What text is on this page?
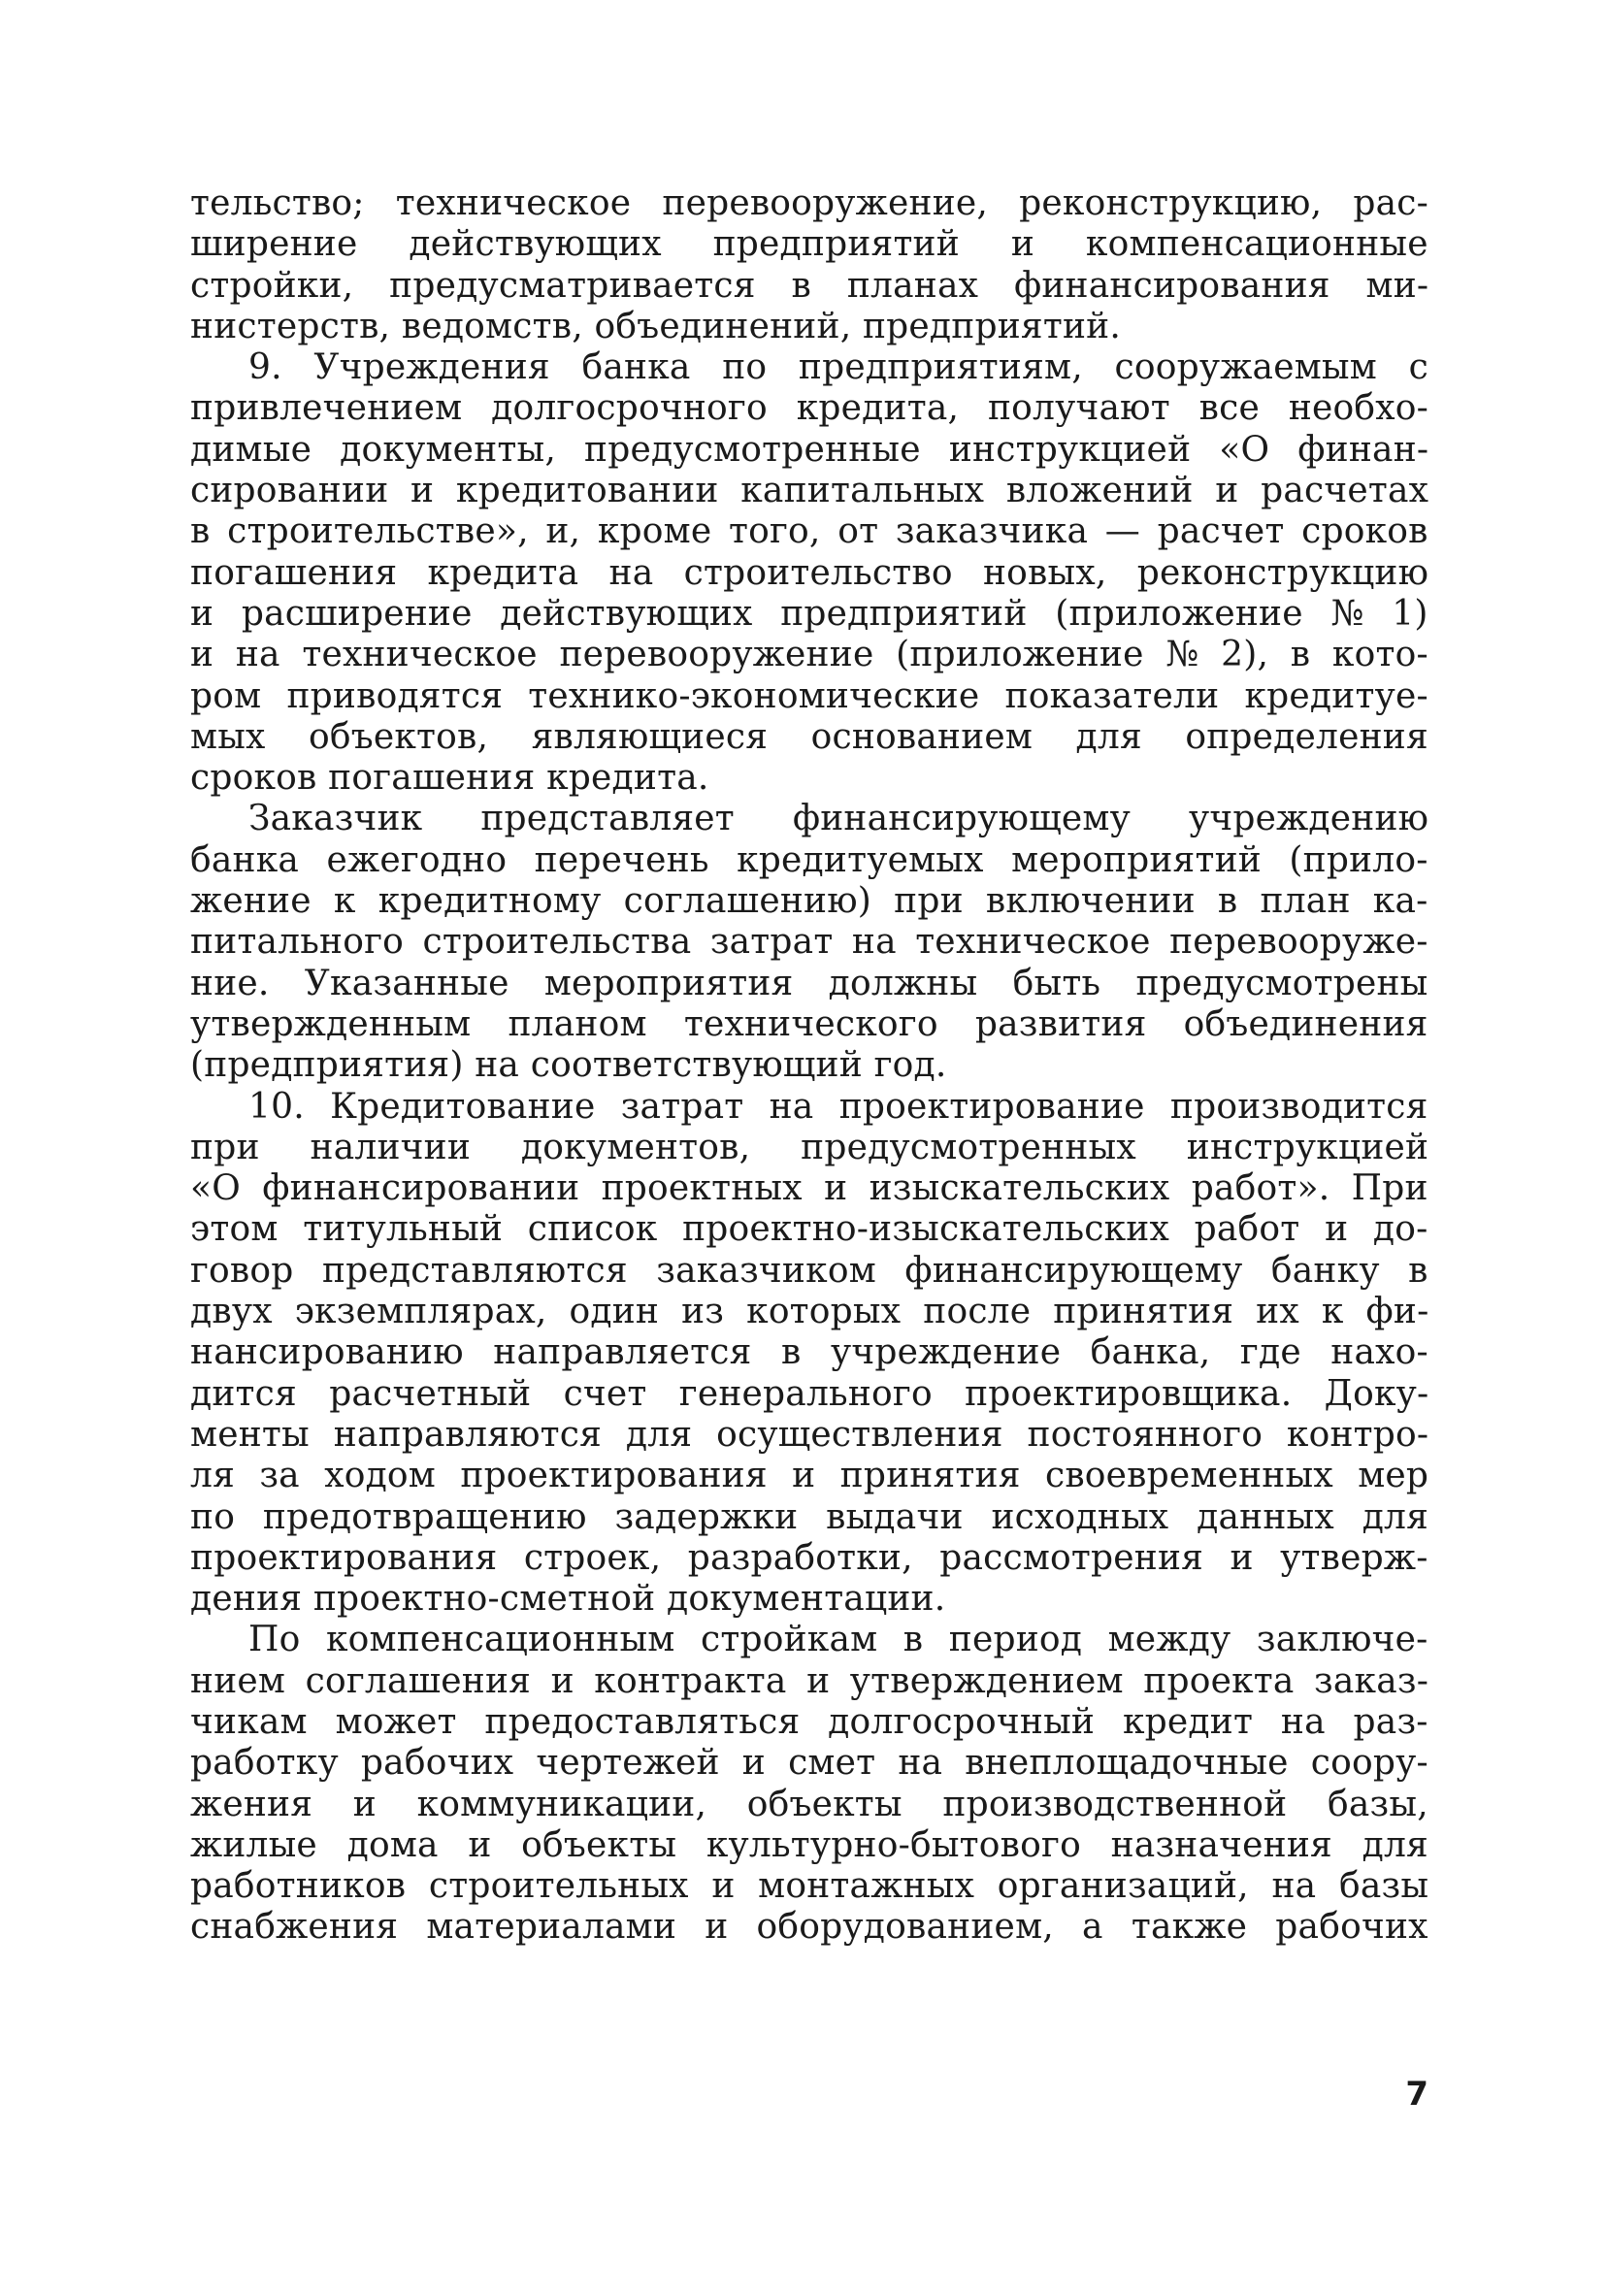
тельство; техническое перевооружение, реконструкцию, рас-
ширение действующих предприятий и компенсационные
стройки, предусматривается в планах финансирования ми-
нистерств, ведомств, объединений, предприятий.
9. Учреждения банка по предприятиям, сооружаемым с
привлечением долгосрочного кредита, получают все необхо-
димые документы, предусмотренные инструкцией «О финан-
сировании и кредитовании капитальных вложений и расчетах
в строительстве», и, кроме того, от заказчика — расчет сроков
погашения кредита на строительство новых, реконструкцию
и расширение действующих предприятий (приложение № 1)
и на техническое перевооружение (приложение № 2), в кото-
ром приводятся технико-экономические показатели кредитуе-
мых объектов, являющиеся основанием для определения
сроков погашения кредита.
Заказчик представляет финансирующему учреждению
банка ежегодно перечень кредитуемых мероприятий (прило-
жение к кредитному соглашению) при включении в план ка-
питального строительства затрат на техническое перевооруже-
ние. Указанные мероприятия должны быть предусмотрены
утвержденным планом технического развития объединения
(предприятия) на соответствующий год.
10. Кредитование затрат на проектирование производится
при наличии документов, предусмотренных инструкцией
«О финансировании проектных и изыскательских работ». При
этом титульный список проектно-изыскательских работ и до-
говор представляются заказчиком финансирующему банку в
двух экземплярах, один из которых после принятия их к фи-
нансированию направляется в учреждение банка, где нахо-
дится расчетный счет генерального проектировщика. Доку-
менты направляются для осуществления постоянного контро-
ля за ходом проектирования и принятия своевременных мер
по предотвращению задержки выдачи исходных данных для
проектирования строек, разработки, рассмотрения и утверж-
дения проектно-сметной документации.
По компенсационным стройкам в период между заключе-
нием соглашения и контракта и утверждением проекта заказ-
чикам может предоставляться долгосрочный кредит на раз-
работку рабочих чертежей и смет на внеплощадочные соору-
жения и коммуникации, объекты производственной базы,
жилые дома и объекты культурно-бытового назначения для
работников строительных и монтажных организаций, на базы
снабжения материалами и оборудованием, а также рабочих
7
